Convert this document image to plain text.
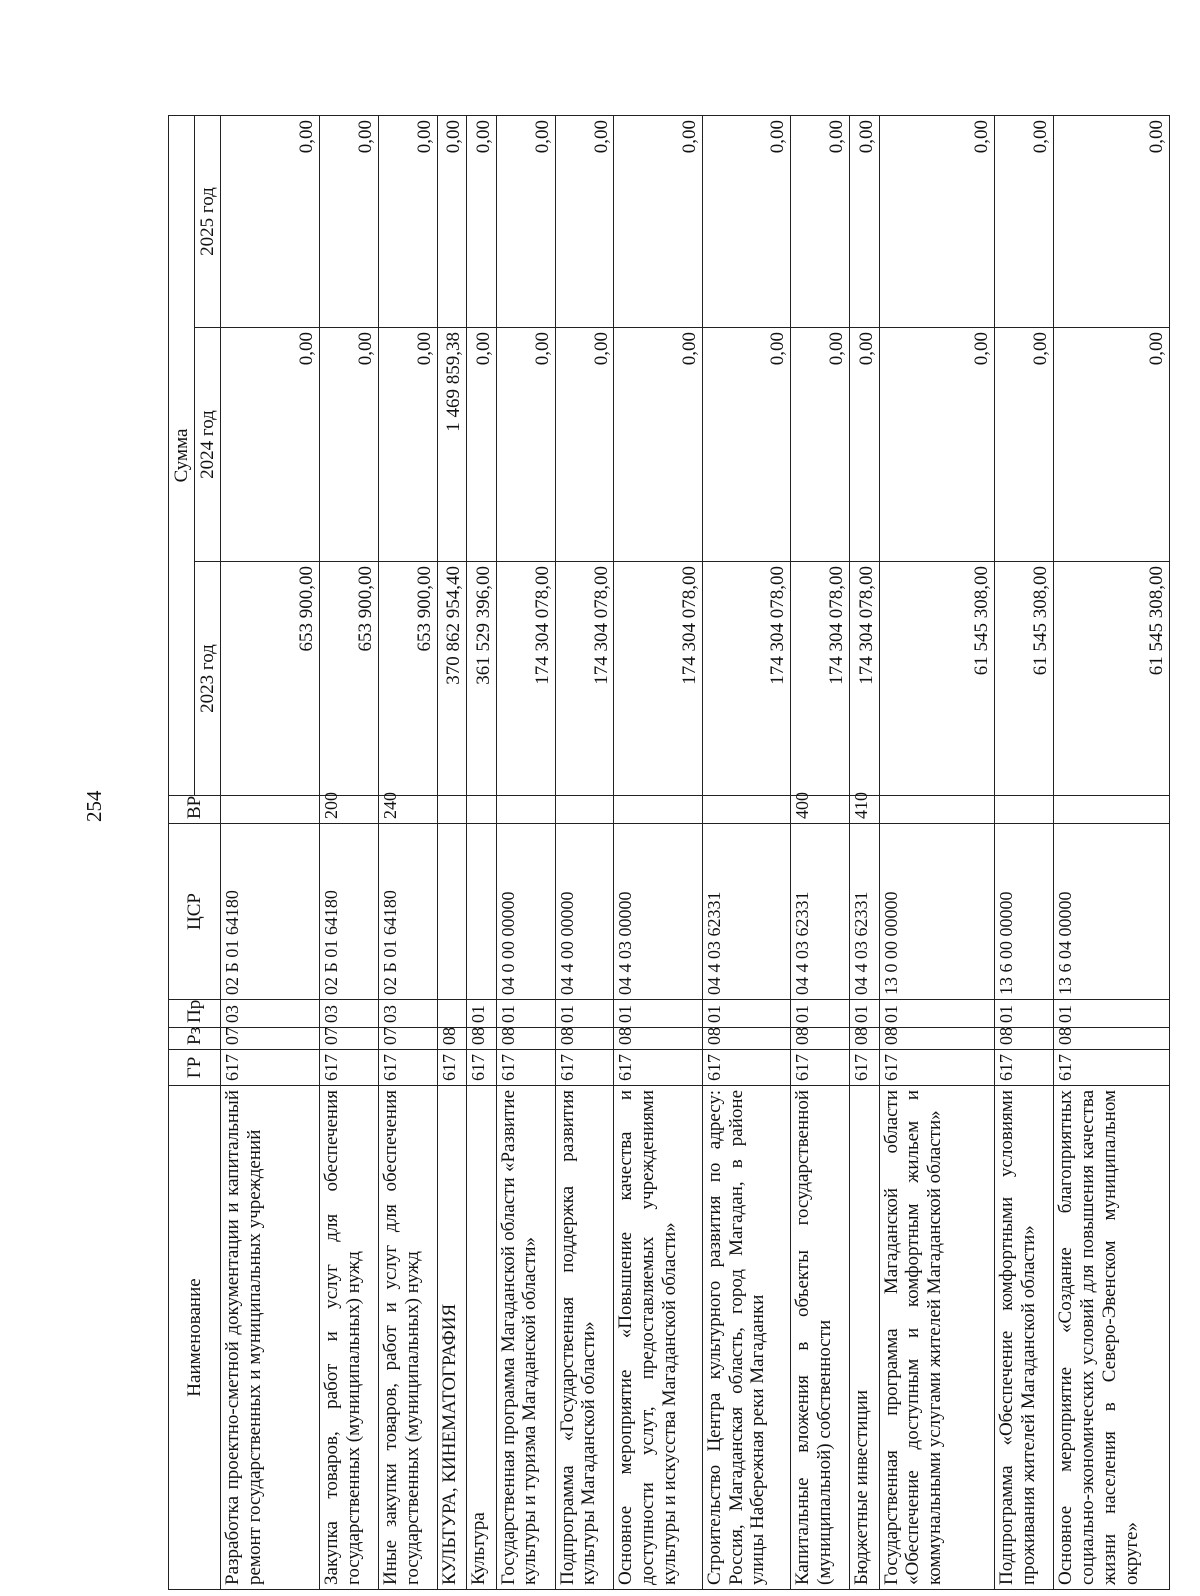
254
Наименование	ГР	Рз	Пр	ЦСР	ВР	Сумма		
						2023 год	2024 год	2025 год
Разработка проектно-сметной документации и капитальный ремонт государственных и муниципальных учреждений	617	07	03	02 Б 01 64180		653 900,00	0,00	0,00
Закупка товаров, работ и услуг для обеспечения государственных (муниципальных) нужд	617	07	03	02 Б 01 64180	200	653 900,00	0,00	0,00
Иные закупки товаров, работ и услуг для обеспечения государственных (муниципальных) нужд	617	07	03	02 Б 01 64180	240	653 900,00	0,00	0,00
КУЛЬТУРА, КИНЕМАТОГРАФИЯ	617	08				370 862 954,40	1 469 859,38	0,00
Культура	617	08	01			361 529 396,00	0,00	0,00
Государственная программа Магаданской области «Развитие культуры и туризма Магаданской области»	617	08	01	04 0 00 00000		174 304 078,00	0,00	0,00
Подпрограмма «Государственная поддержка развития культуры Магаданской области»	617	08	01	04 4 00 00000		174 304 078,00	0,00	0,00
Основное мероприятие «Повышение качества и доступности услут, предоставляемых учреждениями культуры и искусства Магаданской области»	617	08	01	04 4 03 00000		174 304 078,00	0,00	0,00
Строительство Центра культурного развития по адресу: Россия, Магаданская область, город Магадан, в районе улицы Набережная реки Магаданки	617	08	01	04 4 03 62331		174 304 078,00	0,00	0,00
Капитальные вложения в объекты государственной (муниципальной) собственности	617	08	01	04 4 03 62331	400	174 304 078,00	0,00	0,00
Бюджетные инвестиции	617	08	01	04 4 03 62331	410	174 304 078,00	0,00	0,00
Государственная программа Магаданской области «Обеспечение доступным и комфортным жильем и коммунальными услугами жителей Магаданской области»	617	08	01	13 0 00 00000		61 545 308,00	0,00	0,00
Подпрограмма «Обеспечение комфортными условиями проживания жителей Магаданской области»	617	08	01	13 6 00 00000		61 545 308,00	0,00	0,00
Основное мероприятие «Создание благоприятных социально-экономических условий для повышения качества жизни населения в Северо-Эвенском муниципальном округе»	617	08	01	13 6 04 00000		61 545 308,00	0,00	0,00
